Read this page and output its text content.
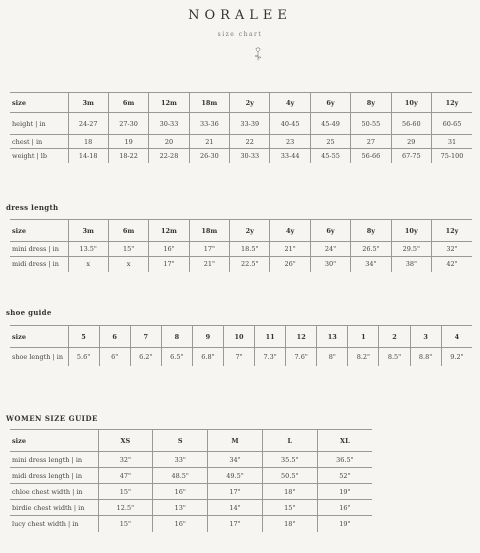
NORALEE
size chart
size	3m	6m	12m	18m	2y	4y	6y	8y	10y	12y
height | in	24-27	27-30	30-33	33-36	33-39	40-45	45-49	50-55	56-60	60-65
chest | in	18	19	20	21	22	23	25	27	29	31
weight | lb	14-18	18-22	22-28	26-30	30-33	33-44	45-55	56-66	67-75	75-100
dress length
size	3m	6m	12m	18m	2y	4y	6y	8y	10y	12y
mini dress | in	13.5"	15"	16"	17"	18.5"	21"	24"	26.5"	29.5"	32"
midi dress | in	x	x	17"	21"	22.5"	26"	30"	34"	38"	42"
shoe guide
size	5	6	7	8	9	10	11	12	13	1	2	3	4
shoe length | in	5.6"	6"	6.2"	6.5"	6.8"	7"	7.3"	7.6"	8"	8.2"	8.5"	8.8"	9.2"
WOMEN SIZE GUIDE
size	XS	S	M	L	XL
mini dress length | in	32"	33"	34"	35.5"	36.5"
midi dress length | in	47"	48.5"	49.5"	50.5"	52"
chloe chest width | in	15"	16"	17"	18"	19"
birdie chest width | in	12.5"	13"	14"	15"	16"
lucy chest width | in	15"	16"	17"	18"	19"
